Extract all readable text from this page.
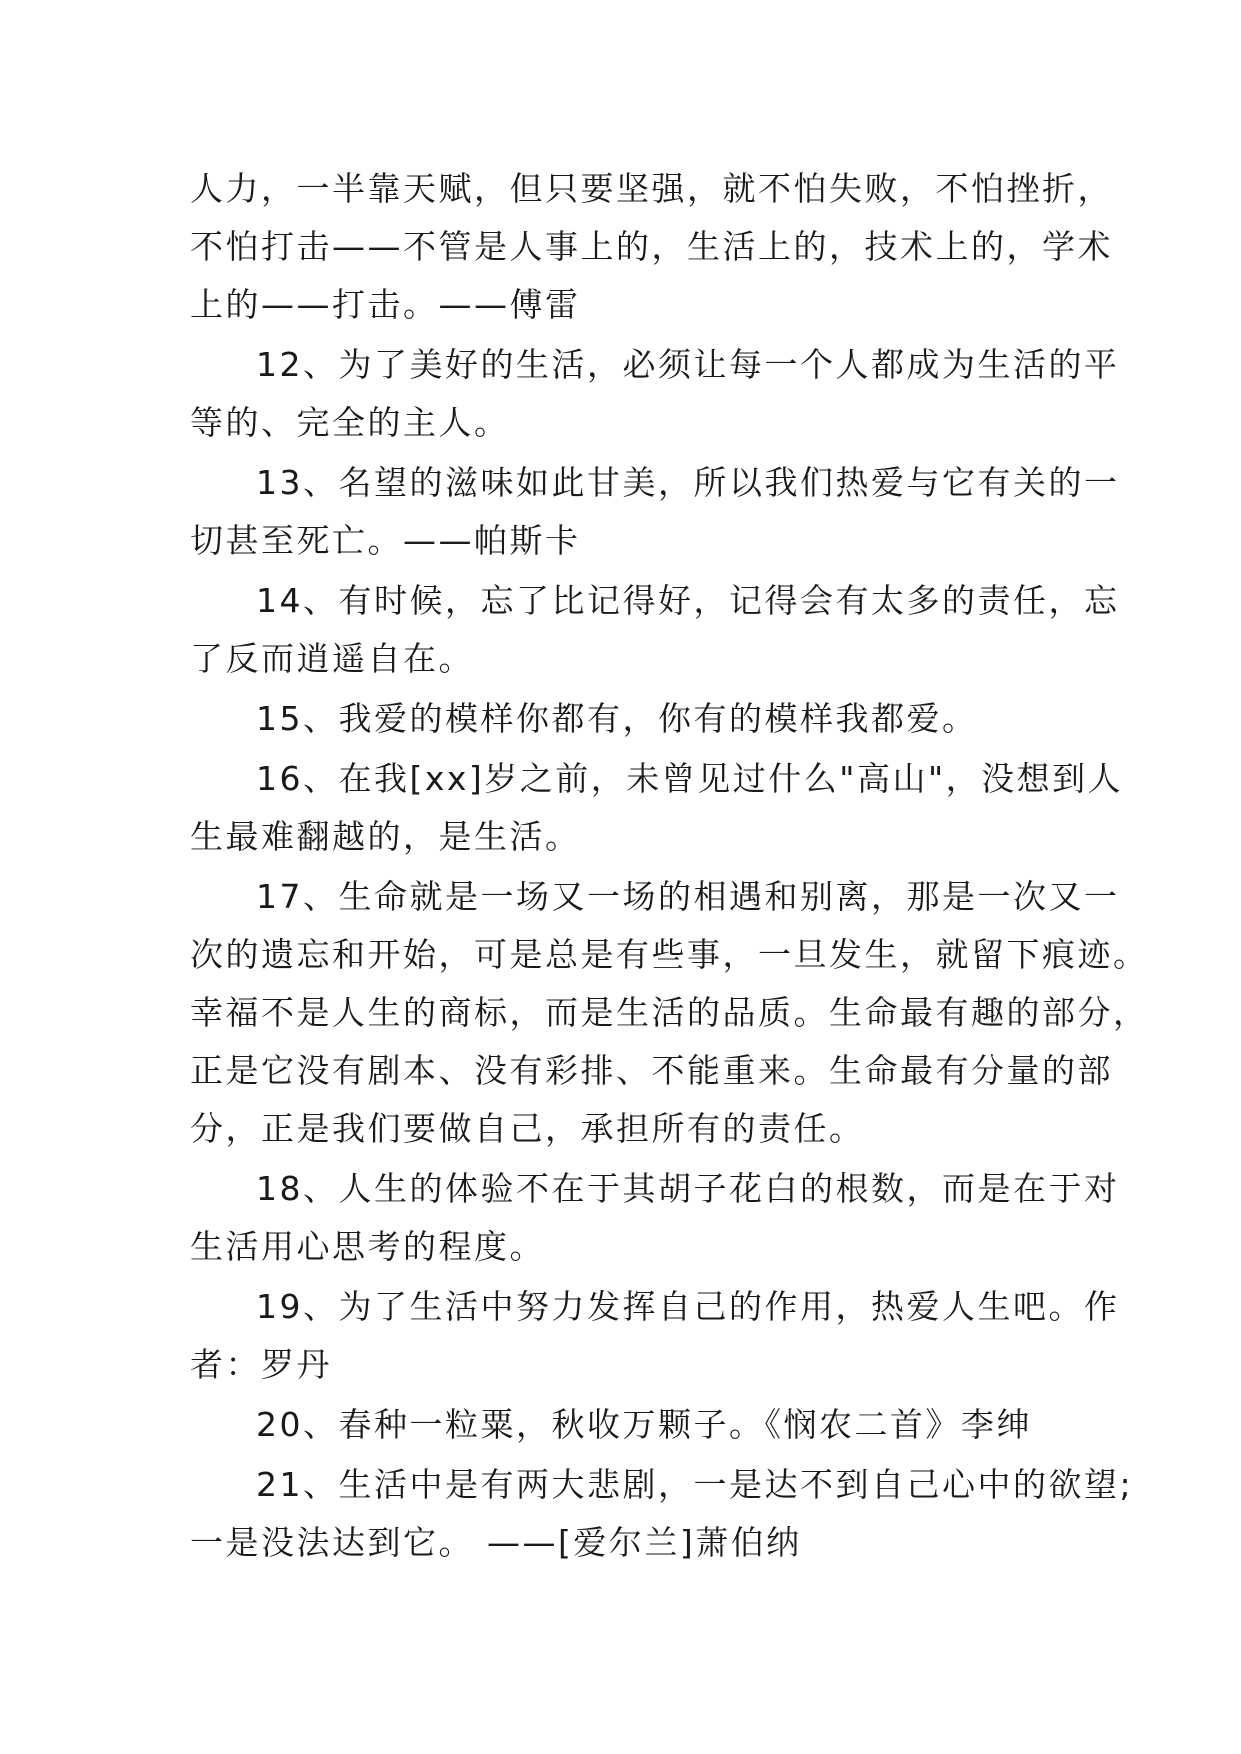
人力，一半靠天赋，但只要坚强，就不怕失败，不怕挫折，
不怕打击——不管是人事上的，生活上的，技术上的，学术
上的——打击。——傅雷
12、为了美好的生活，必须让每一个人都成为生活的平
等的、完全的主人。
13、名望的滋味如此甘美，所以我们热爱与它有关的一
切甚至死亡。——帕斯卡
14、有时候，忘了比记得好，记得会有太多的责任，忘
了反而逍遥自在。
15、我爱的模样你都有，你有的模样我都爱。
16、在我[xx]岁之前，未曾见过什么"高山"，没想到人
生最难翻越的，是生活。
17、生命就是一场又一场的相遇和别离，那是一次又一
次的遗忘和开始，可是总是有些事，一旦发生，就留下痕迹。
幸福不是人生的商标，而是生活的品质。生命最有趣的部分，
正是它没有剧本、没有彩排、不能重来。生命最有分量的部
分，正是我们要做自己，承担所有的责任。
18、人生的体验不在于其胡子花白的根数，而是在于对
生活用心思考的程度。
19、为了生活中努力发挥自己的作用，热爱人生吧。作
者：罗丹
20、春种一粒粟，秋收万颗子。《悯农二首》李绅
21、生活中是有两大悲剧，一是达不到自己心中的欲望;
一是没法达到它。 ——[爱尔兰]萧伯纳
